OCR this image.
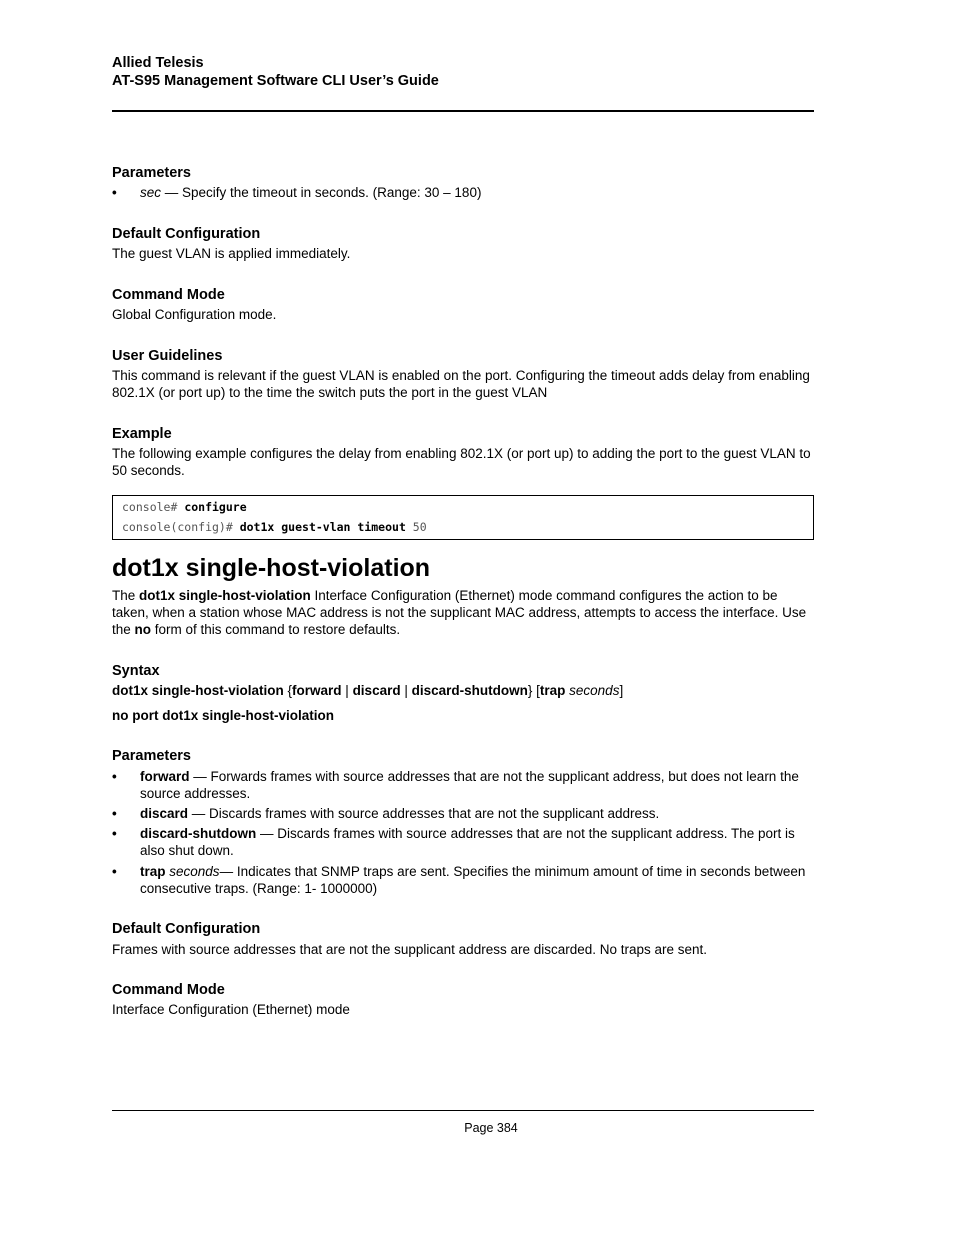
Allied Telesis
AT-S95 Management Software CLI User’s Guide
Parameters
• sec — Specify the timeout in seconds. (Range: 30 – 180)
Default Configuration
The guest VLAN is applied immediately.
Command Mode
Global Configuration mode.
User Guidelines
This command is relevant if the guest VLAN is enabled on the port. Configuring the timeout adds delay from enabling 802.1X (or port up) to the time the switch puts the port in the guest VLAN
Example
The following example configures the delay from enabling 802.1X (or port up) to adding the port to the guest VLAN to 50 seconds.
console# configure
console(config)# dot1x guest-vlan timeout 50
dot1x single-host-violation
The dot1x single-host-violation Interface Configuration (Ethernet) mode command configures the action to be taken, when a station whose MAC address is not the supplicant MAC address, attempts to access the interface. Use the no form of this command to restore defaults.
Syntax
dot1x single-host-violation {forward | discard | discard-shutdown} [trap seconds]
no port dot1x single-host-violation
Parameters
• forward — Forwards frames with source addresses that are not the supplicant address, but does not learn the source addresses.
• discard — Discards frames with source addresses that are not the supplicant address.
• discard-shutdown — Discards frames with source addresses that are not the supplicant address. The port is also shut down.
• trap seconds— Indicates that SNMP traps are sent. Specifies the minimum amount of time in seconds between consecutive traps. (Range: 1- 1000000)
Default Configuration
Frames with source addresses that are not the supplicant address are discarded. No traps are sent.
Command Mode
Interface Configuration (Ethernet) mode
Page 384
